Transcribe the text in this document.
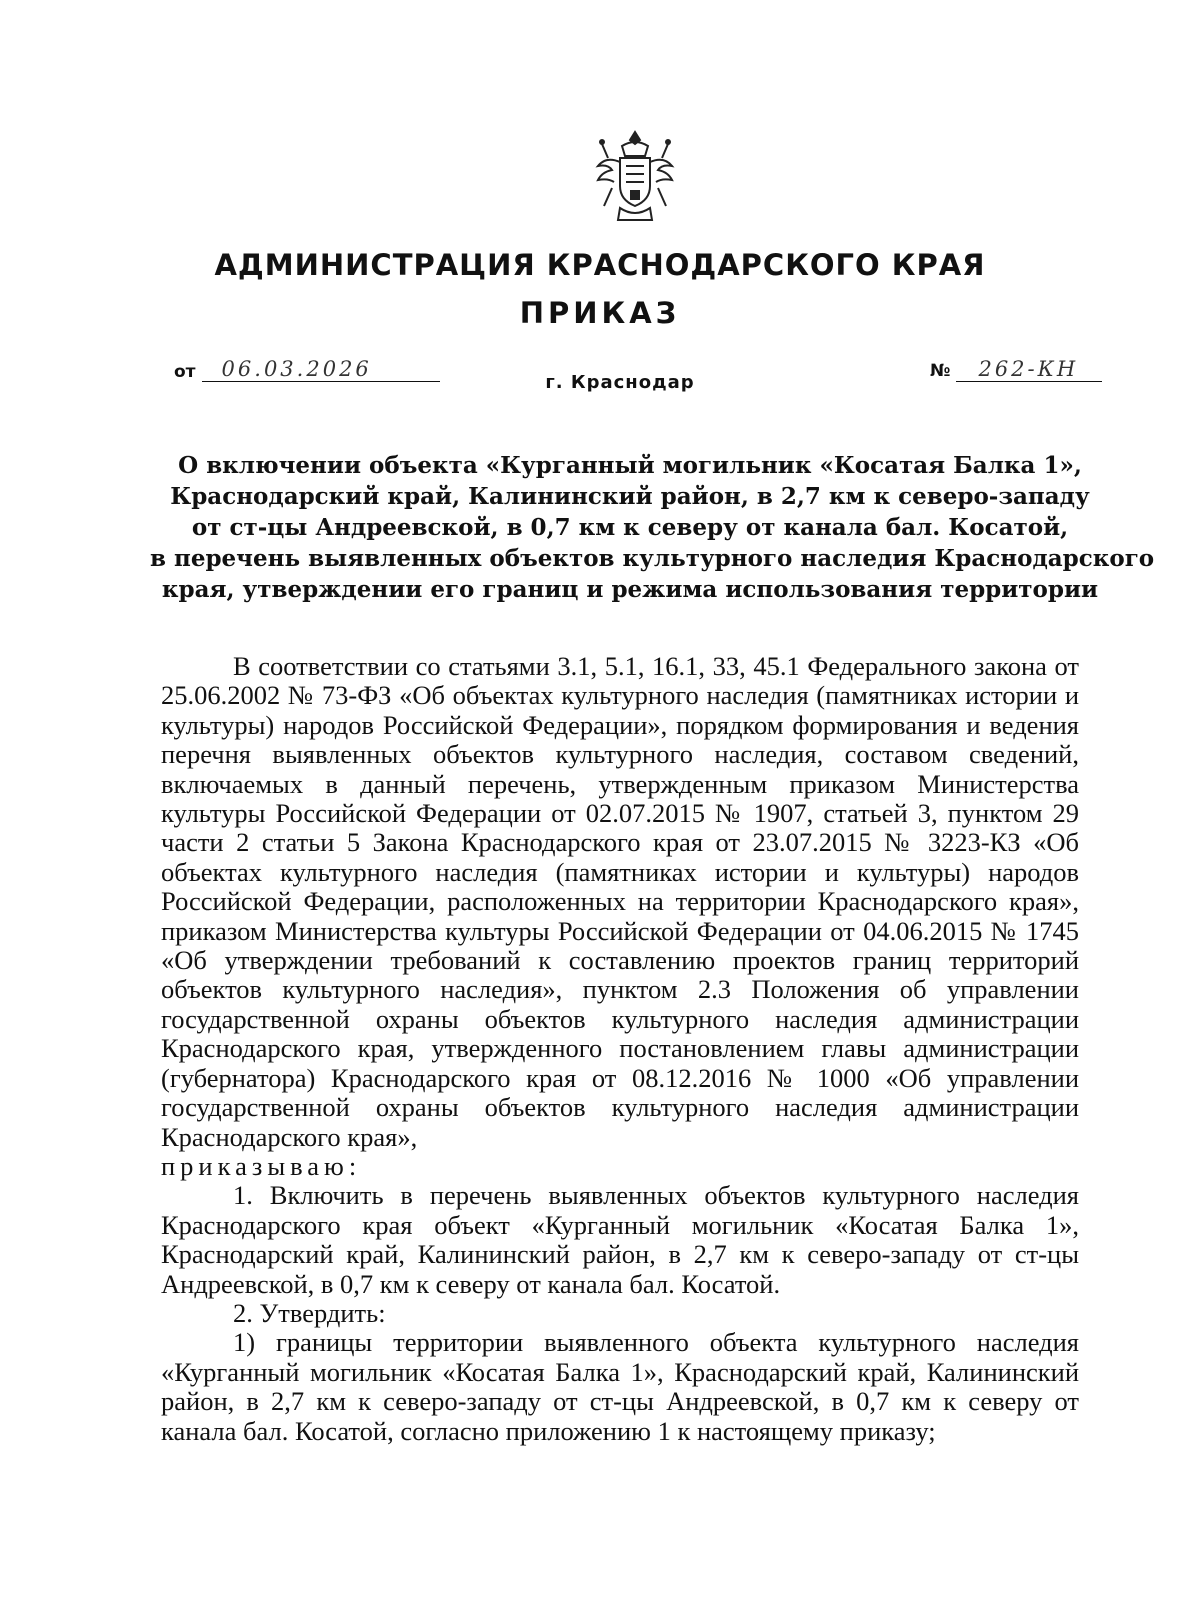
АДМИНИСТРАЦИЯ КРАСНОДАРСКОГО КРАЯ
ПРИКАЗ
от 06.03.2026	№ 262-КН
г. Краснодар
О включении объекта «Курганный могильник «Косатая Балка 1»,
Краснодарский край, Калининский район, в 2,7 км к северо-западу
от ст-цы Андреевской, в 0,7 км к северу от канала бал. Косатой,
в перечень выявленных объектов культурного наследия Краснодарского
края, утверждении его границ и режима использования территории

В соответствии со статьями 3.1, 5.1, 16.1, 33, 45.1 Федерального закона от 25.06.2002 № 73-ФЗ «Об объектах культурного наследия (памятниках истории и культуры) народов Российской Федерации», порядком формирования и ведения перечня выявленных объектов культурного наследия, составом сведений, включаемых в данный перечень, утвержденным приказом Министерства культуры Российской Федерации от 02.07.2015 № 1907, статьей 3, пунктом 29 части 2 статьи 5 Закона Краснодарского края от 23.07.2015 № 3223-КЗ «Об объектах культурного наследия (памятниках истории и культуры) народов Российской Федерации, расположенных на территории Краснодарского края», приказом Министерства культуры Российской Федерации от 04.06.2015 № 1745 «Об утверждении требований к составлению проектов границ территорий объектов культурного наследия», пунктом 2.3 Положения об управлении государственной охраны объектов культурного наследия администрации Краснодарского края, утвержденного постановлением главы администрации (губернатора) Краснодарского края от 08.12.2016 № 1000 «Об управлении государственной охраны объектов культурного наследия администрации Краснодарского края»,

приказываю:

1. Включить в перечень выявленных объектов культурного наследия Краснодарского края объект «Курганный могильник «Косатая Балка 1», Краснодарский край, Калининский район, в 2,7 км к северо-западу от ст-цы Андреевской, в 0,7 км к северу от канала бал. Косатой.

2. Утвердить:

1) границы территории выявленного объекта культурного наследия «Курганный могильник «Косатая Балка 1», Краснодарский край, Калининский район, в 2,7 км к северо-западу от ст-цы Андреевской, в 0,7 км к северу от канала бал. Косатой, согласно приложению 1 к настоящему приказу;
